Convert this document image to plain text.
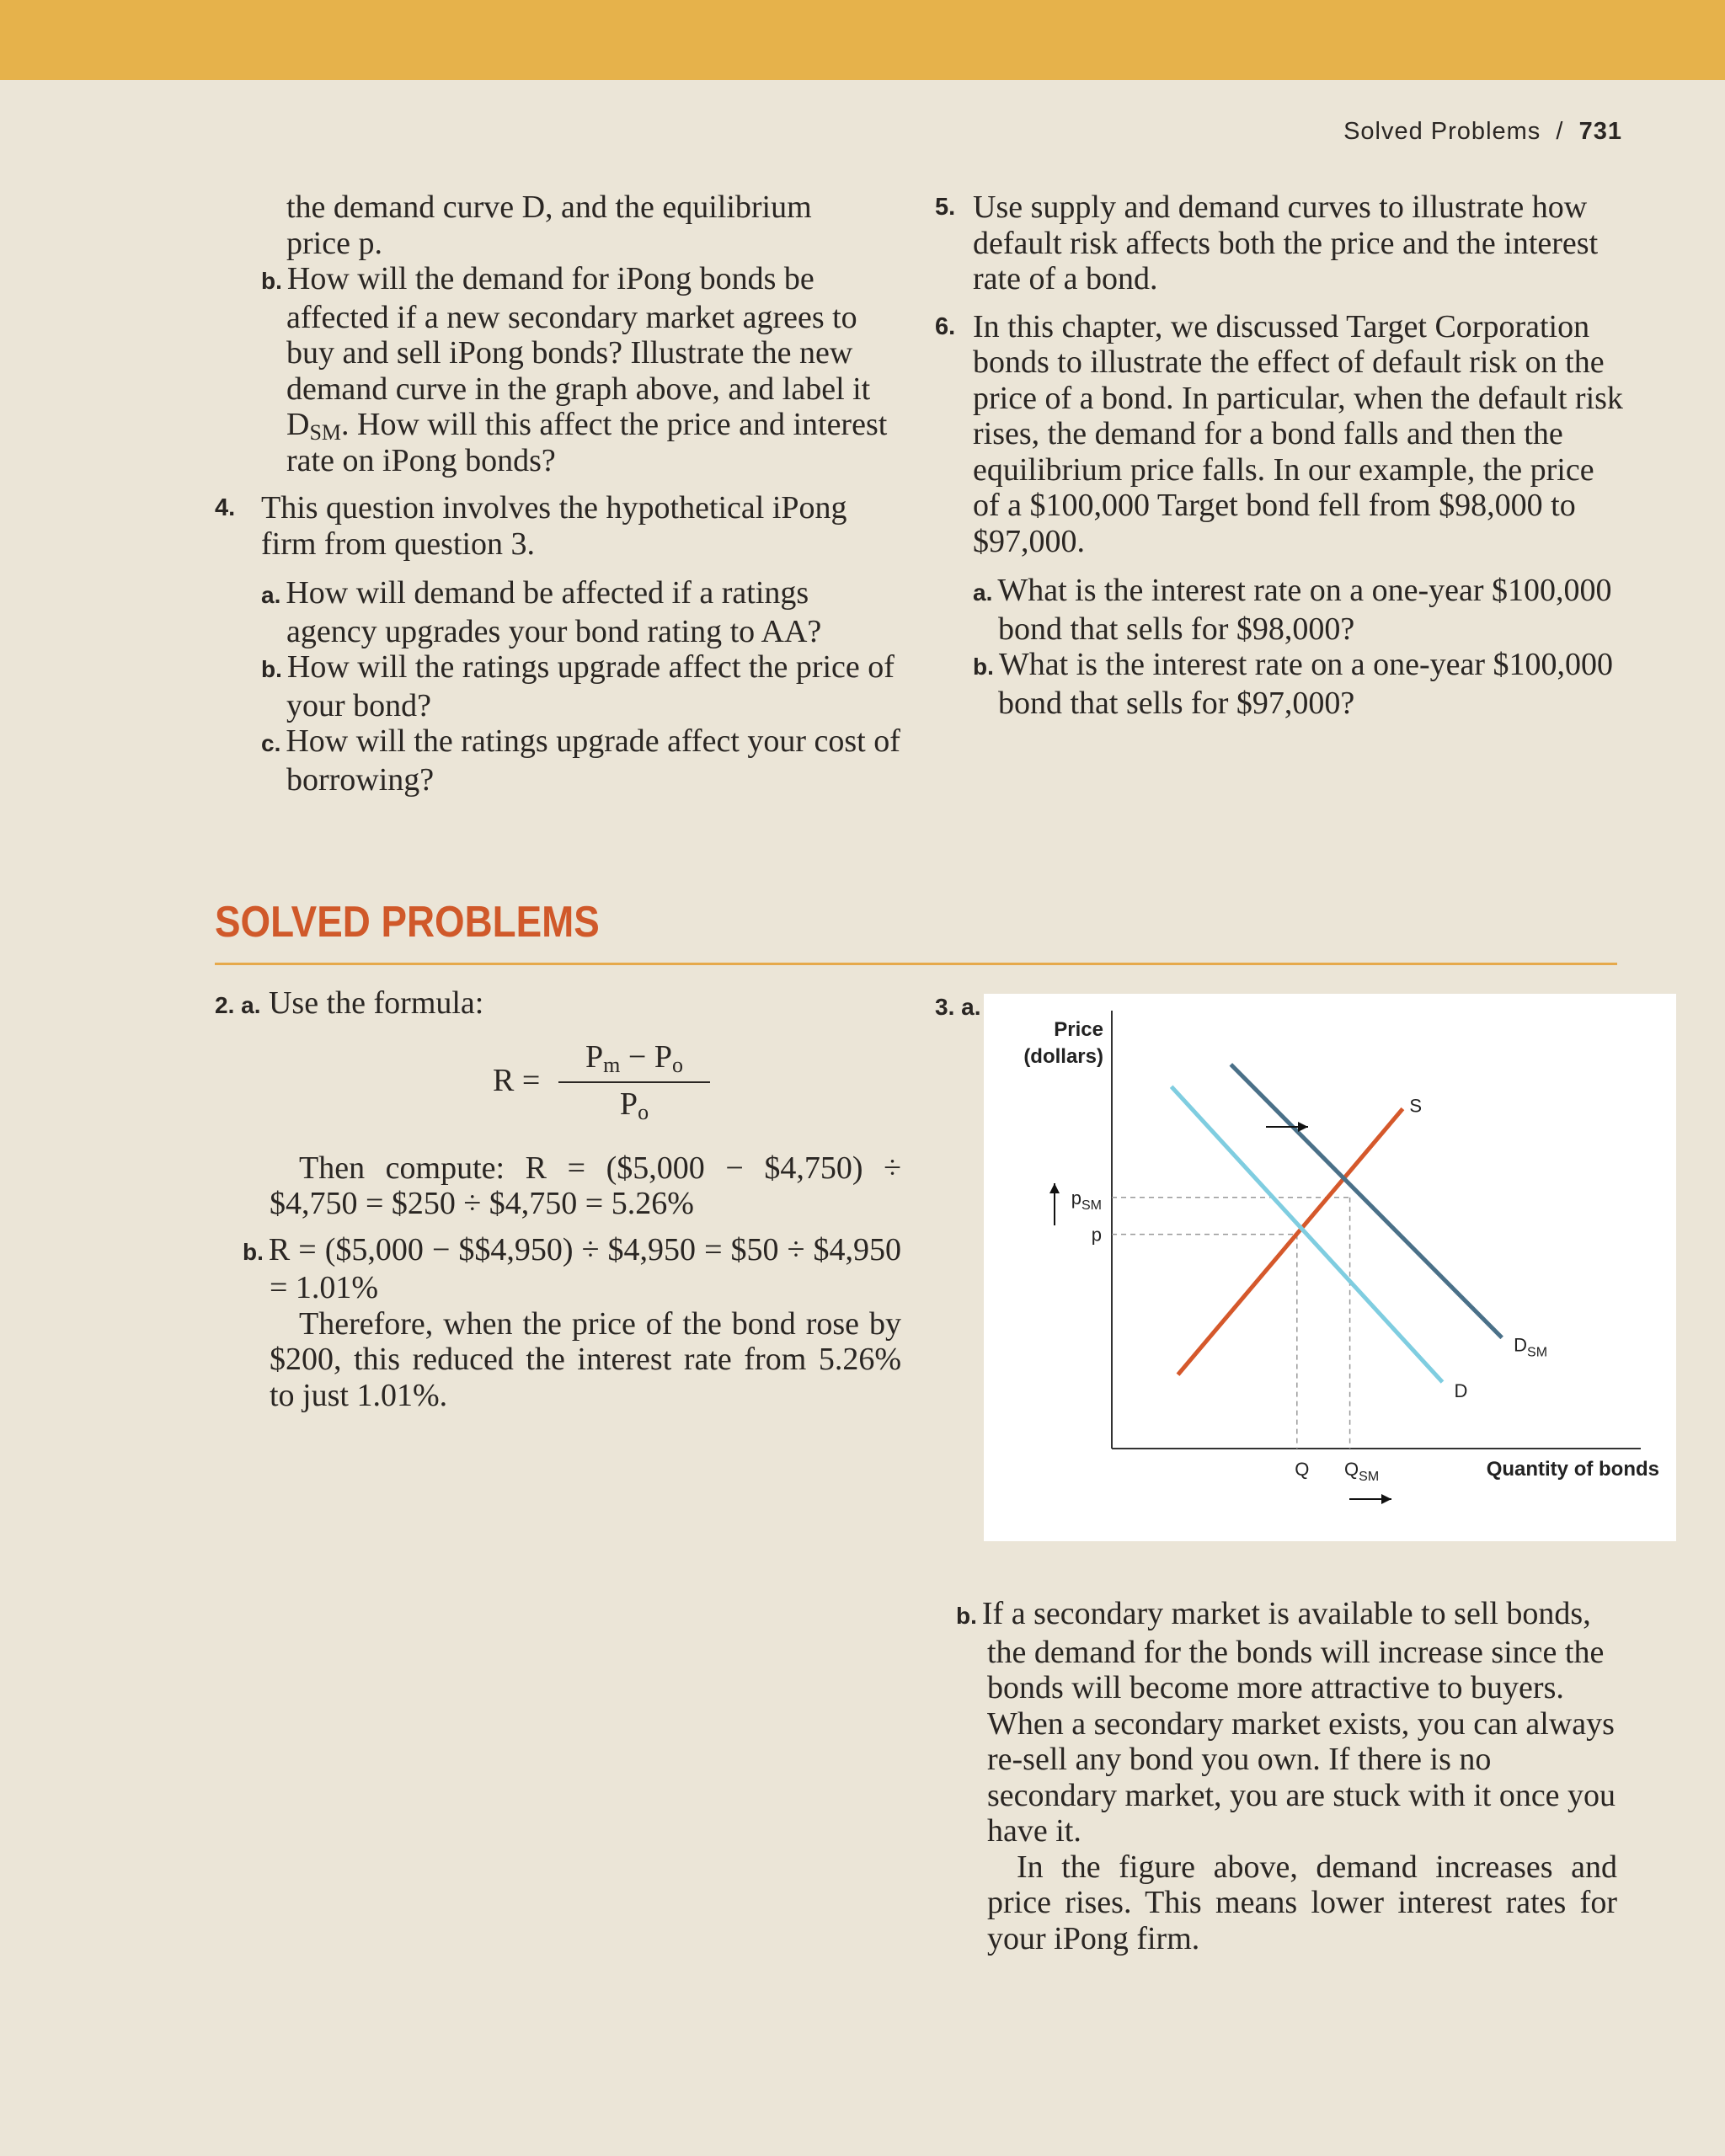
Solved Problems / 731
the demand curve D, and the equilibrium
price p.
b. How will the demand for iPong bonds be affected if a new secondary market agrees to buy and sell iPong bonds? Illustrate the new demand curve in the graph above, and label it $D_{SM}$. How will this affect the price and interest rate on iPong bonds?
4. This question involves the hypothetical iPong firm from question 3.
a. How will demand be affected if a ratings agency upgrades your bond rating to AA?
b. How will the ratings upgrade affect the price of your bond?
c. How will the ratings upgrade affect your cost of borrowing?
5. Use supply and demand curves to illustrate how default risk affects both the price and the interest rate of a bond.
6. In this chapter, we discussed Target Corporation bonds to illustrate the effect of default risk on the price of a bond. In particular, when the default risk rises, the demand for a bond falls and then the equilibrium price falls. In our example, the price of a $100,000 Target bond fell from $98,000 to $97,000.
a. What is the interest rate on a one-year $100,000 bond that sells for $98,000?
b. What is the interest rate on a one-year $100,000 bond that sells for $97,000?
SOLVED PROBLEMS
2. a. Use the formula:
R =
$P_m - P_o$
$P_o$
Then compute: R = ($5,000 − $4,750) ÷ $4,750 = $250 ÷ $4,750 = 5.26%
b. R = ($5,000 − $$4,950) ÷ $4,950 = $50 ÷ $4,950 = 1.01%
Therefore, when the price of the bond rose by $200, this reduced the interest rate from 5.26% to just 1.01%.
3. a.
Price
(dollars)
Quantity of bonds
p
Q
$p_{SM}$
$Q_{SM}$
S
D
$D_{SM}$
b. If a secondary market is available to sell bonds, the demand for the bonds will increase since the bonds will become more attractive to buyers. When a secondary market exists, you can always re-sell any bond you own. If there is no secondary market, you are stuck with it once you have it.
In the figure above, demand increases and price rises. This means lower interest rates for your iPong firm.
